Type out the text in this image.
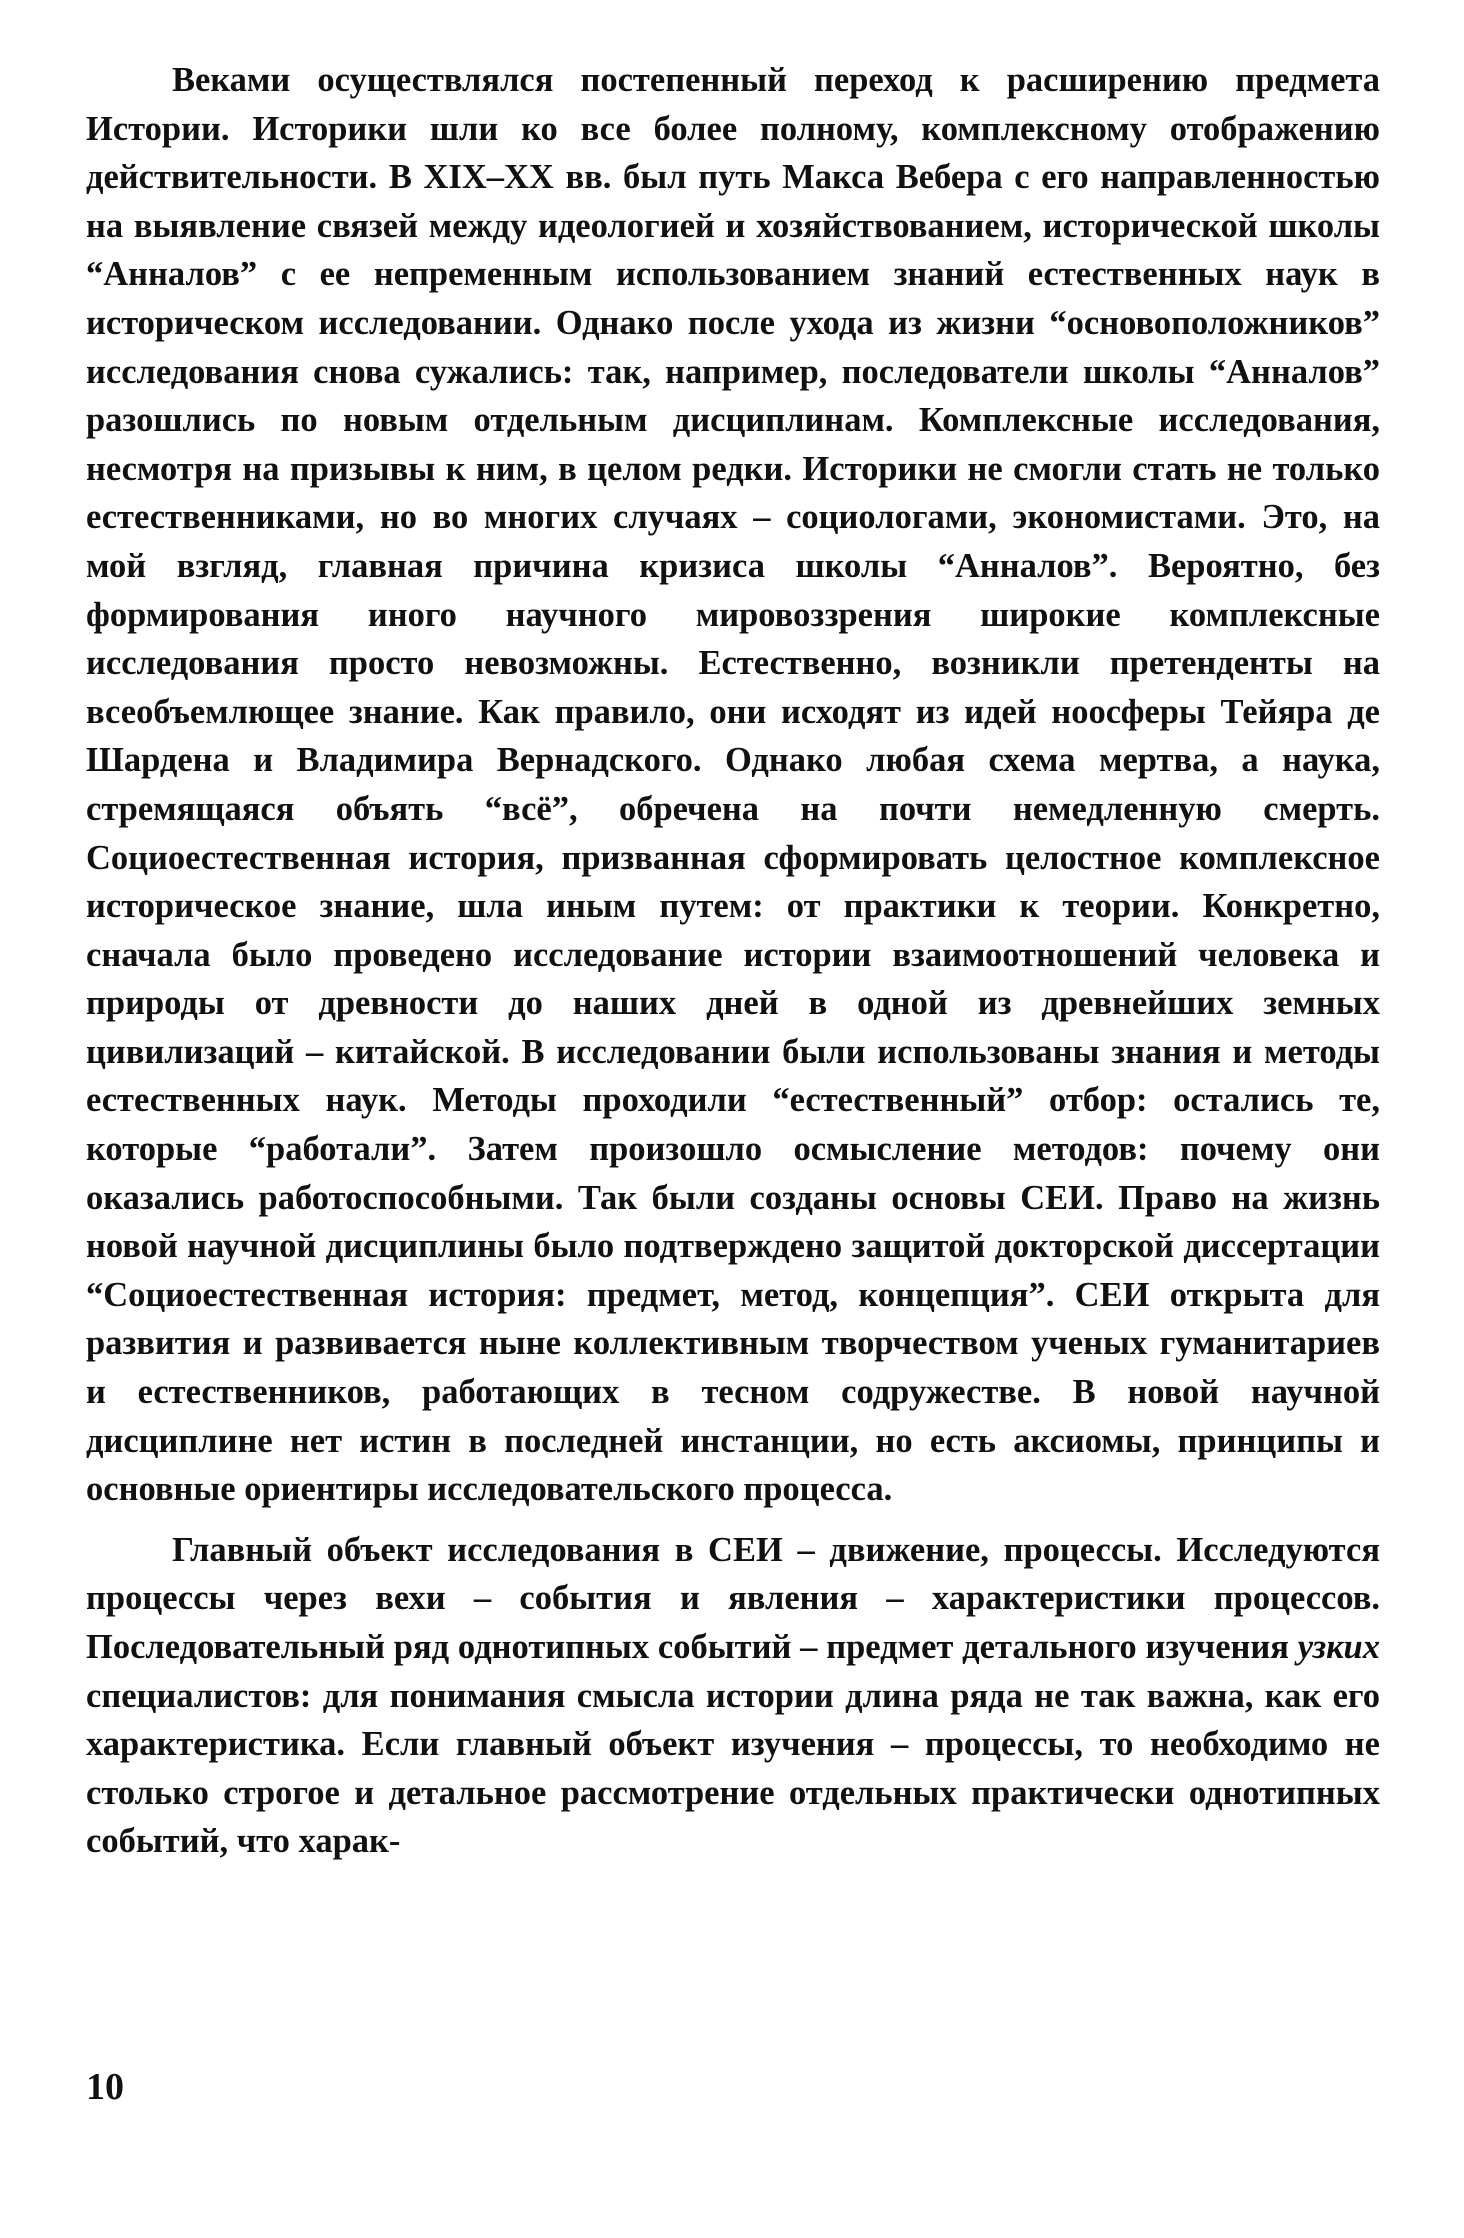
Веками осуществлялся постепенный переход к расширению предмета Истории. Историки шли ко все более полному, комплексному отображению действительности. В XIX–XX вв. был путь Макса Вебера с его направленностью на выявление связей между идеологией и хозяйствованием, исторической школы “Анналов” с ее непременным использованием знаний естественных наук в историческом исследовании. Однако после ухода из жизни “основоположников” исследования снова сужались: так, например, последователи школы “Анналов” разошлись по новым отдельным дисциплинам. Комплексные исследования, несмотря на призывы к ним, в целом редки. Историки не смогли стать не только естественниками, но во многих случаях – социологами, экономистами. Это, на мой взгляд, главная причина кризиса школы “Анналов”. Вероятно, без формирования иного научного мировоззрения широкие комплексные исследования просто невозможны. Естественно, возникли претенденты на всеобъемлющее знание. Как правило, они исходят из идей ноосферы Тейяра де Шардена и Владимира Вернадского. Однако любая схема мертва, а наука, стремящаяся объять “всё”, обречена на почти немедленную смерть. Социоестественная история, призванная сформировать целостное комплексное историческое знание, шла иным путем: от практики к теории. Конкретно, сначала было проведено исследование истории взаимоотношений человека и природы от древности до наших дней в одной из древнейших земных цивилизаций – китайской. В исследовании были использованы знания и методы естественных наук. Методы проходили “естественный” отбор: остались те, которые “работали”. Затем произошло осмысление методов: почему они оказались работоспособными. Так были созданы основы СЕИ. Право на жизнь новой научной дисциплины было подтверждено защитой докторской диссертации “Социоестественная история: предмет, метод, концепция”. СЕИ открыта для развития и развивается ныне коллективным творчеством ученых гуманитариев и естественников, работающих в тесном содружестве. В новой научной дисциплине нет истин в последней инстанции, но есть аксиомы, принципы и основные ориентиры исследовательского процесса.

Главный объект исследования в СЕИ – движение, процессы. Исследуются процессы через вехи – события и явления – характеристики процессов. Последовательный ряд однотипных событий – предмет детального изучения узких специалистов: для понимания смысла истории длина ряда не так важна, как его характеристика. Если главный объект изучения – процессы, то необходимо не столько строгое и детальное рассмотрение отдельных практически однотипных событий, что харак-

10
